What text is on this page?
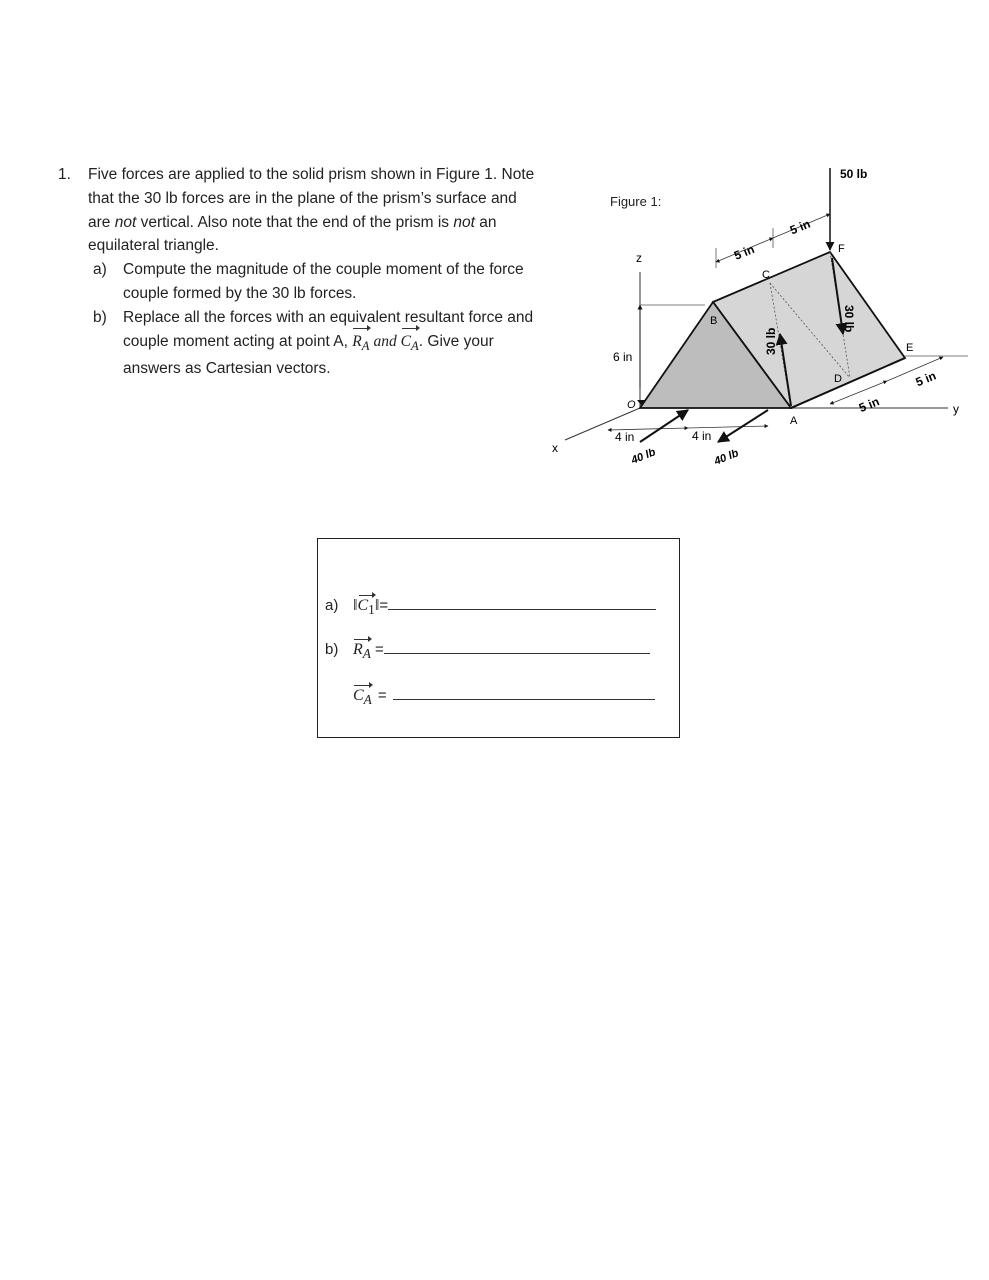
1. Five forces are applied to the solid prism shown in Figure 1. Note that the 30 lb forces are in the plane of the prism’s surface and are not vertical. Also note that the end of the prism is not an equilateral triangle.
a) Compute the magnitude of the couple moment of the force couple formed by the 30 lb forces.
b) Replace all the forces with an equivalent resultant force and couple moment acting at point A, $R_A$ and $C_A$. Give your answers as Cartesian vectors.
Figure 1:
y
x
z
6 in
4 in	4 in
5 in
5 in
5 in
5 in
50 lb
30 lb
30 lb
40 lb	40 lb
O
A
B
C
D
E
F
a) $‖C_1‖$ =
b) $R_A$ =
$C_A$ =
